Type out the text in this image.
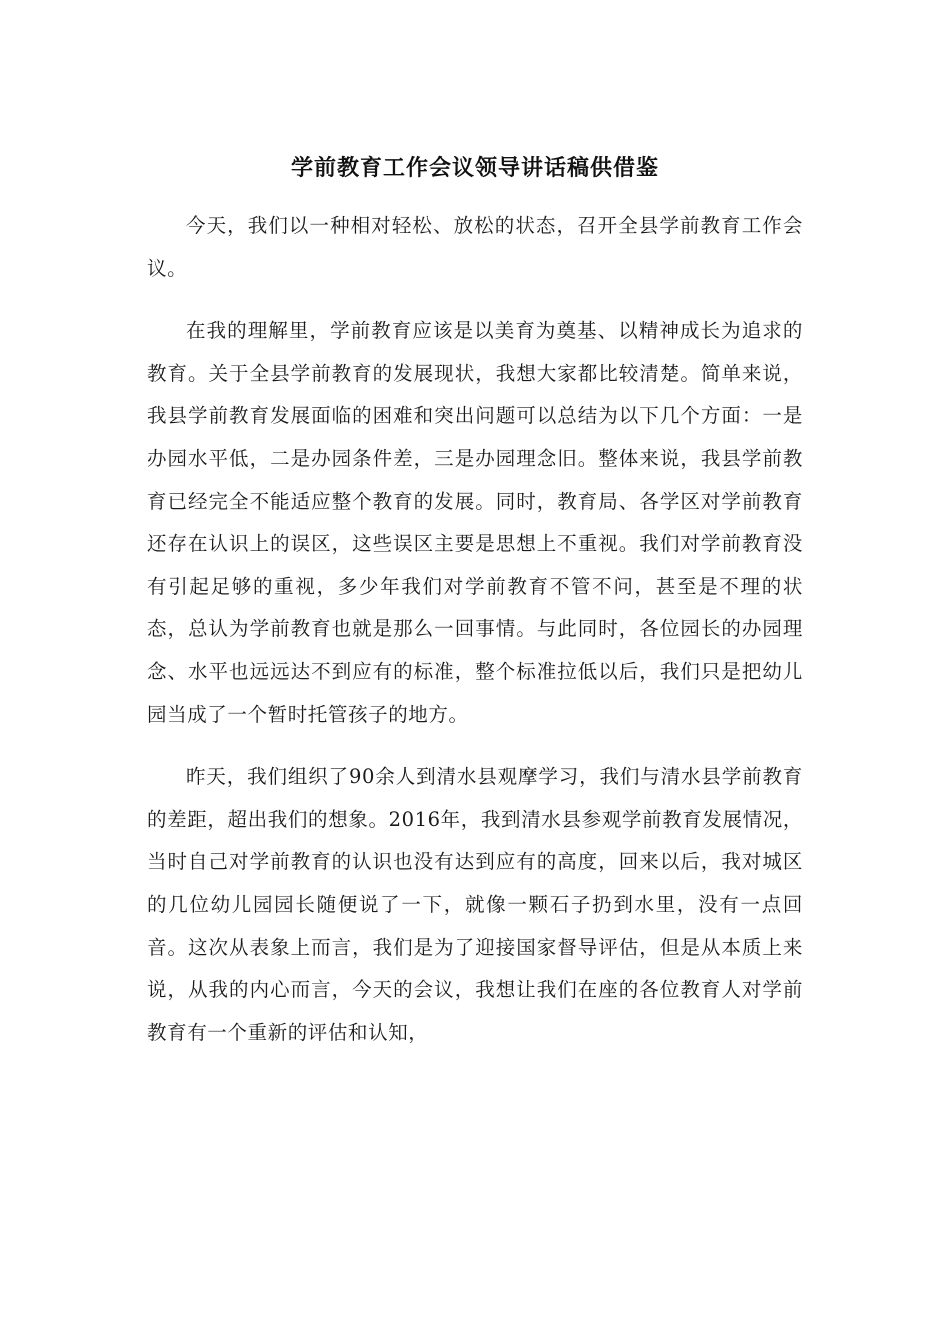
学前教育工作会议领导讲话稿供借鉴

今天，我们以一种相对轻松、放松的状态，召开全县学前教育工作会议。

在我的理解里，学前教育应该是以美育为奠基、以精神成长为追求的教育。关于全县学前教育的发展现状，我想大家都比较清楚。简单来说，我县学前教育发展面临的困难和突出问题可以总结为以下几个方面：一是办园水平低，二是办园条件差，三是办园理念旧。整体来说，我县学前教育已经完全不能适应整个教育的发展。同时，教育局、各学区对学前教育还存在认识上的误区，这些误区主要是思想上不重视。我们对学前教育没有引起足够的重视，多少年我们对学前教育不管不问，甚至是不理的状态，总认为学前教育也就是那么一回事情。与此同时，各位园长的办园理念、水平也远远达不到应有的标准，整个标准拉低以后，我们只是把幼儿园当成了一个暂时托管孩子的地方。

昨天，我们组织了90余人到清水县观摩学习，我们与清水县学前教育的差距，超出我们的想象。2016年，我到清水县参观学前教育发展情况，当时自己对学前教育的认识也没有达到应有的高度，回来以后，我对城区的几位幼儿园园长随便说了一下，就像一颗石子扔到水里，没有一点回音。这次从表象上而言，我们是为了迎接国家督导评估，但是从本质上来说，从我的内心而言，今天的会议，我想让我们在座的各位教育人对学前教育有一个重新的评估和认知，
